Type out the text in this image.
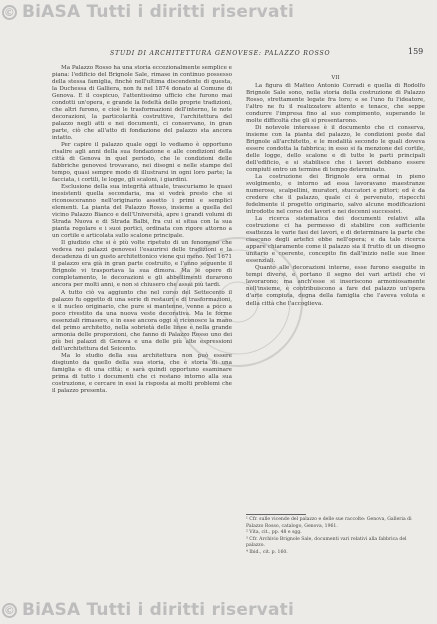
© BiASA Tutti i diritti riservati
STUDI DI ARCHITETTURA GENOVESE: PALAZZO ROSSO	159

Ma Palazzo Rosso ha una storia eccezionalmente semplice e piana: l'edificio del Brignole Sale, rimase in continuo possesso della stessa famiglia, finchè nell'ultima discendente di questa, la Duchessa di Galliera, non fu nel 1874 donato al Comune di Genova. E il cospicuo, l'attentissimo ufficio che furono mai condotti un'opera, e grande la fedeltà delle proprie tradizioni, che altri furono, e cioè le trasformazioni dell'interno, le note decorazioni, la particolarità costruttive, l'architettura del palazzo negli atti e nei documenti, ci conservano, in gran parte, ciò che all'atto di fondazione del palazzo sta ancora intatto.

Per capire il palazzo quale oggi lo vediamo è opportuno risalire agli anni della sua fondazione e alle condizioni della città di Genova in quel periodo, che le condizioni delle fabbriche genovesi trovavano, nei disegni e nelle stampe del tempo, quasi sempre modo di illustrarsi in ogni loro parte; la facciata, i cortili, le logge, gli scaloni, i giardini.

Esclusione della sua integrità attuale, trascuriamo le quasi inesistenti quella secondaria, ma si vedrà presto che si riconosceranno nell'originario assetto i primi e semplici elementi. La pianta del Palazzo Rosso, insieme a quella del vicino Palazzo Bianco e dell'Università, apre i grandi volumi di Strada Nuova e di Strada Balbi, fra cui si situa con la sua pianta regolare e i suoi portici, ordinata con rigore attorno a un cortile e articolata sullo scalone principale.

Il giudizio che si è più volte ripetuto di un fenomeno che vedeva nei palazzi genovesi l'esaurirsi delle tradizioni e la decadenza di un gusto architettonico viene qui meno. Nel 1671 il palazzo era già in gran parte costruito, e l'anno seguente il Brignole vi trasportava la sua dimora. Ma le opere di completamento, le decorazioni e gli abbellimenti durarono ancora per molti anni, e non si chiusero che assai più tardi.

A tutto ciò va aggiunto che nel corso del Settecento il palazzo fu oggetto di una serie di restauri e di trasformazioni, e il nucleo originario, che pure si mantenne, venne a poco a poco rivestito da una nuova veste decorativa. Ma le forme essenziali rimasero, e in esse ancora oggi si riconosce la mano del primo architetto, nella sobrietà delle linee e nella grande armonia delle proporzioni, che fanno di Palazzo Rosso uno dei più bei palazzi di Genova e una delle più alte espressioni dell'architettura del Seicento.

Ma lo studio della sua architettura non può essere disgiunto da quello della sua storia, che è storia di una famiglia e di una città; e sarà quindi opportuno esaminare prima di tutto i documenti che ci restano intorno alla sua costruzione, e cercare in essi la risposta ai molti problemi che il palazzo presenta.

VII

La figura di Matteo Antonio Corradi e quella di Rodolfo Brignole Sale sono, nella storia della costruzione di Palazzo Rosso, strettamente legate fra loro; e se l'uno fu l'ideatore, l'altro ne fu il realizzatore attento e tenace, che seppe condurre l'impresa fino al suo compimento, superando le molte difficoltà che gli si presentarono.

Di notevole interesse è il documento che ci conserva, insieme con la pianta del palazzo, le condizioni poste dal Brignole all'architetto, e le modalità secondo le quali doveva essere condotta la fabbrica; in esso si fa menzione del cortile, delle logge, dello scalone e di tutte le parti principali dell'edificio, e si stabilisce che i lavori debbano essere compiuti entro un termine di tempo determinato.

La costruzione dei Brignole era ormai in pieno svolgimento, e intorno ad essa lavoravano maestranze numerose, scalpellini, muratori, stuccatori e pittori; ed è da credere che il palazzo, quale ci è pervenuto, rispecchi fedelmente il progetto originario, salvo alcune modificazioni introdotte nel corso dei lavori e nei decenni successivi.

La ricerca sistematica dei documenti relativi alla costruzione ci ha permesso di stabilire con sufficiente esattezza le varie fasi dei lavori, e di determinare la parte che ciascuno degli artefici ebbe nell'opera; e da tale ricerca appare chiaramente come il palazzo sia il frutto di un disegno unitario e coerente, concepito fin dall'inizio nelle sue linee essenziali.

Quanto alle decorazioni interne, esse furono eseguite in tempi diversi, e portano il segno dei vari artisti che vi lavorarono; ma anch'esse si inseriscono armoniosamente nell'insieme, e contribuiscono a fare del palazzo un'opera d'arte compiuta, degna della famiglia che l'aveva voluta e della città che l'accoglieva.

¹ Cfr. sulle vicende del palazzo e delle sue raccolte: Genova, Galleria di Palazzo Rosso, catalogo, Genova, 1961.

² Vita, cit., pp. 48 e sgg.

³ Cfr. Archivio Brignole Sale, documenti vari relativi alla fabbrica del palazzo.

⁴ Ibid., cit. p. 160.

© BiASA Tutti i diritti riservati
